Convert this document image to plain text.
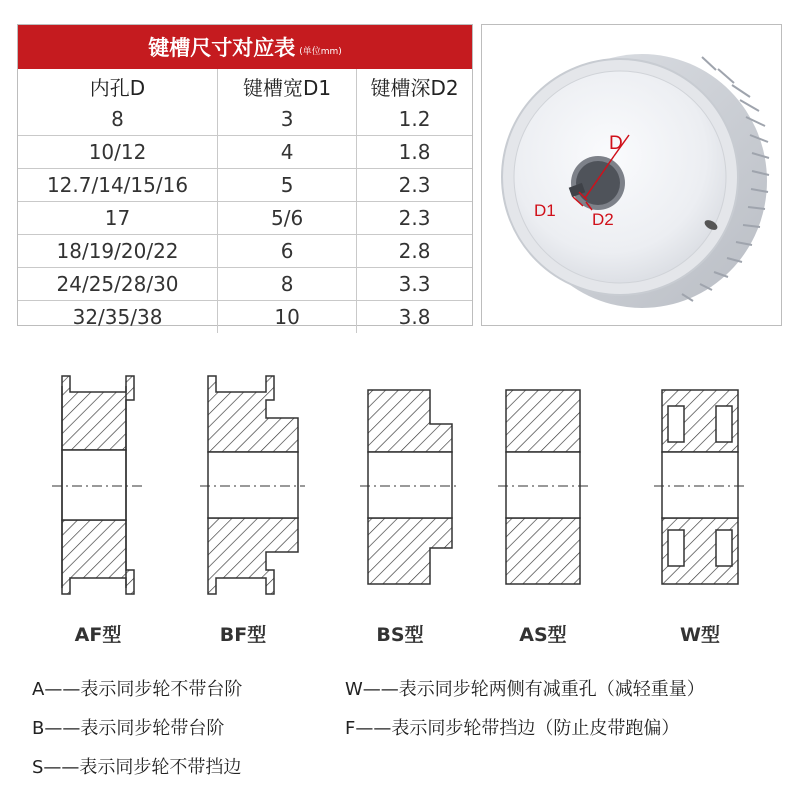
键槽尺寸对应表 (单位mm)
内孔D	键槽宽D1	键槽深D2
8	3	1.2
10/12	4	1.8
12.7/14/15/16	5	2.3
17	5/6	2.3
18/19/20/22	6	2.8
24/25/28/30	8	3.3
32/35/38	10	3.8
D
D1 D2
AF型	BF型	BS型	AS型	W型
A——表示同步轮不带台阶
B——表示同步轮带台阶
S——表示同步轮不带挡边
W——表示同步轮两侧有减重孔（减轻重量）
F——表示同步轮带挡边（防止皮带跑偏）
